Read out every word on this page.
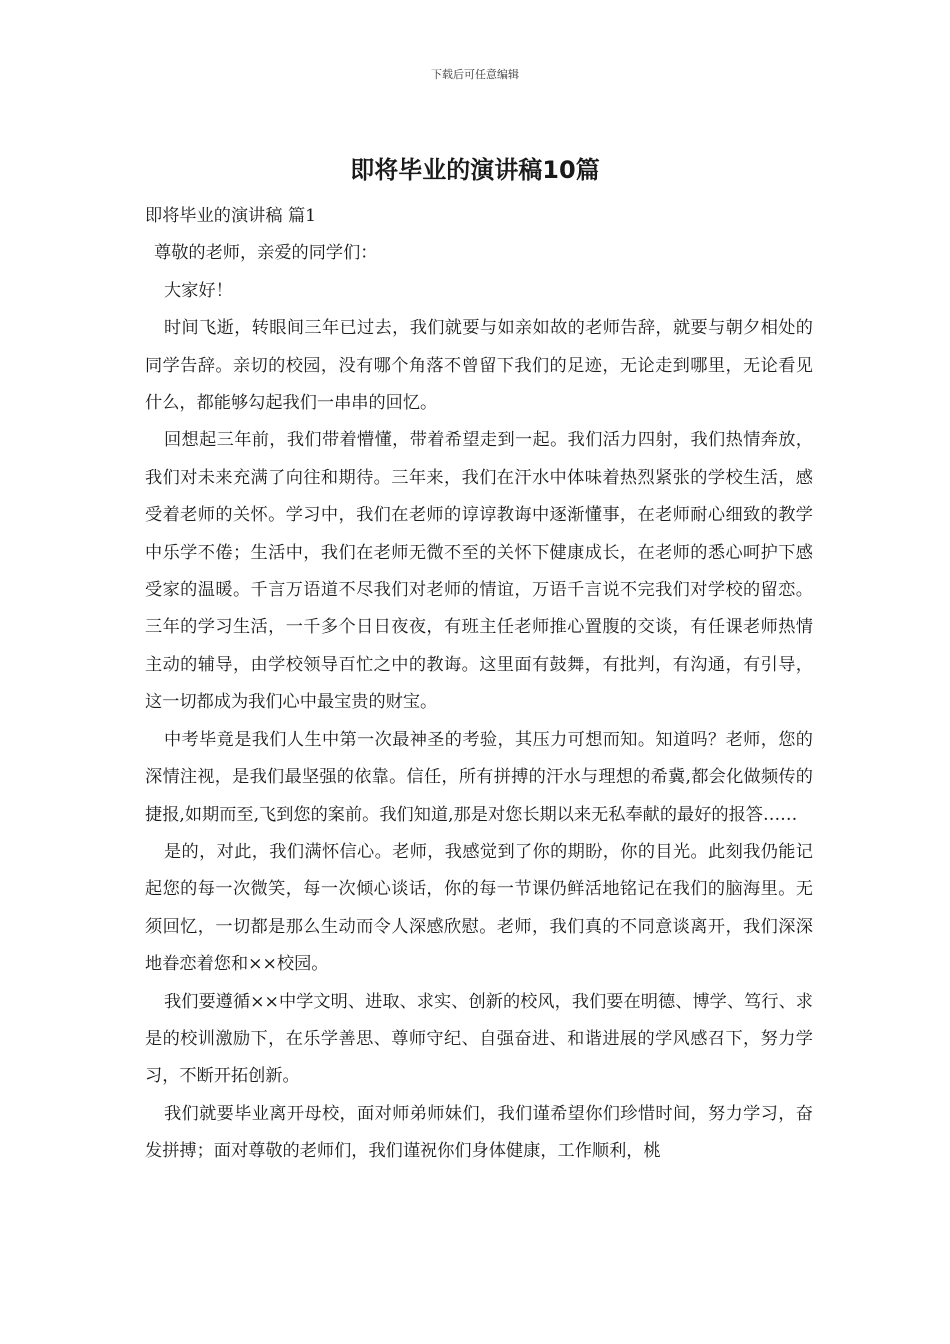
下载后可任意编辑
即将毕业的演讲稿10篇

即将毕业的演讲稿 篇1

尊敬的老师，亲爱的同学们：

大家好！

时间飞逝，转眼间三年已过去，我们就要与如亲如故的老师告辞，就要与朝夕相处的同学告辞。亲切的校园，没有哪个角落不曾留下我们的足迹，无论走到哪里，无论看见什么，都能够勾起我们一串串的回忆。

回想起三年前，我们带着懵懂，带着希望走到一起。我们活力四射，我们热情奔放，我们对未来充满了向往和期待。三年来，我们在汗水中体味着热烈紧张的学校生活，感受着老师的关怀。学习中，我们在老师的谆谆教诲中逐渐懂事，在老师耐心细致的教学中乐学不倦；生活中，我们在老师无微不至的关怀下健康成长，在老师的悉心呵护下感受家的温暖。千言万语道不尽我们对老师的情谊，万语千言说不完我们对学校的留恋。三年的学习生活，一千多个日日夜夜，有班主任老师推心置腹的交谈，有任课老师热情主动的辅导，由学校领导百忙之中的教诲。这里面有鼓舞，有批判，有沟通，有引导，这一切都成为我们心中最宝贵的财宝。

中考毕竟是我们人生中第一次最神圣的考验，其压力可想而知。知道吗？老师，您的深情注视，是我们最坚强的依靠。信任，所有拼搏的汗水与理想的希冀,都会化做频传的捷报,如期而至,飞到您的案前。我们知道,那是对您长期以来无私奉献的最好的报答……

是的，对此，我们满怀信心。老师，我感觉到了你的期盼，你的目光。此刻我仍能记起您的每一次微笑，每一次倾心谈话，你的每一节课仍鲜活地铭记在我们的脑海里。无须回忆，一切都是那么生动而令人深感欣慰。老师，我们真的不同意谈离开，我们深深地眷恋着您和××校园。

我们要遵循××中学文明、进取、求实、创新的校风，我们要在明德、博学、笃行、求是的校训激励下，在乐学善思、尊师守纪、自强奋进、和谐进展的学风感召下，努力学习，不断开拓创新。

我们就要毕业离开母校，面对师弟师妹们，我们谨希望你们珍惜时间，努力学习，奋发拼搏；面对尊敬的老师们，我们谨祝你们身体健康，工作顺利，桃
